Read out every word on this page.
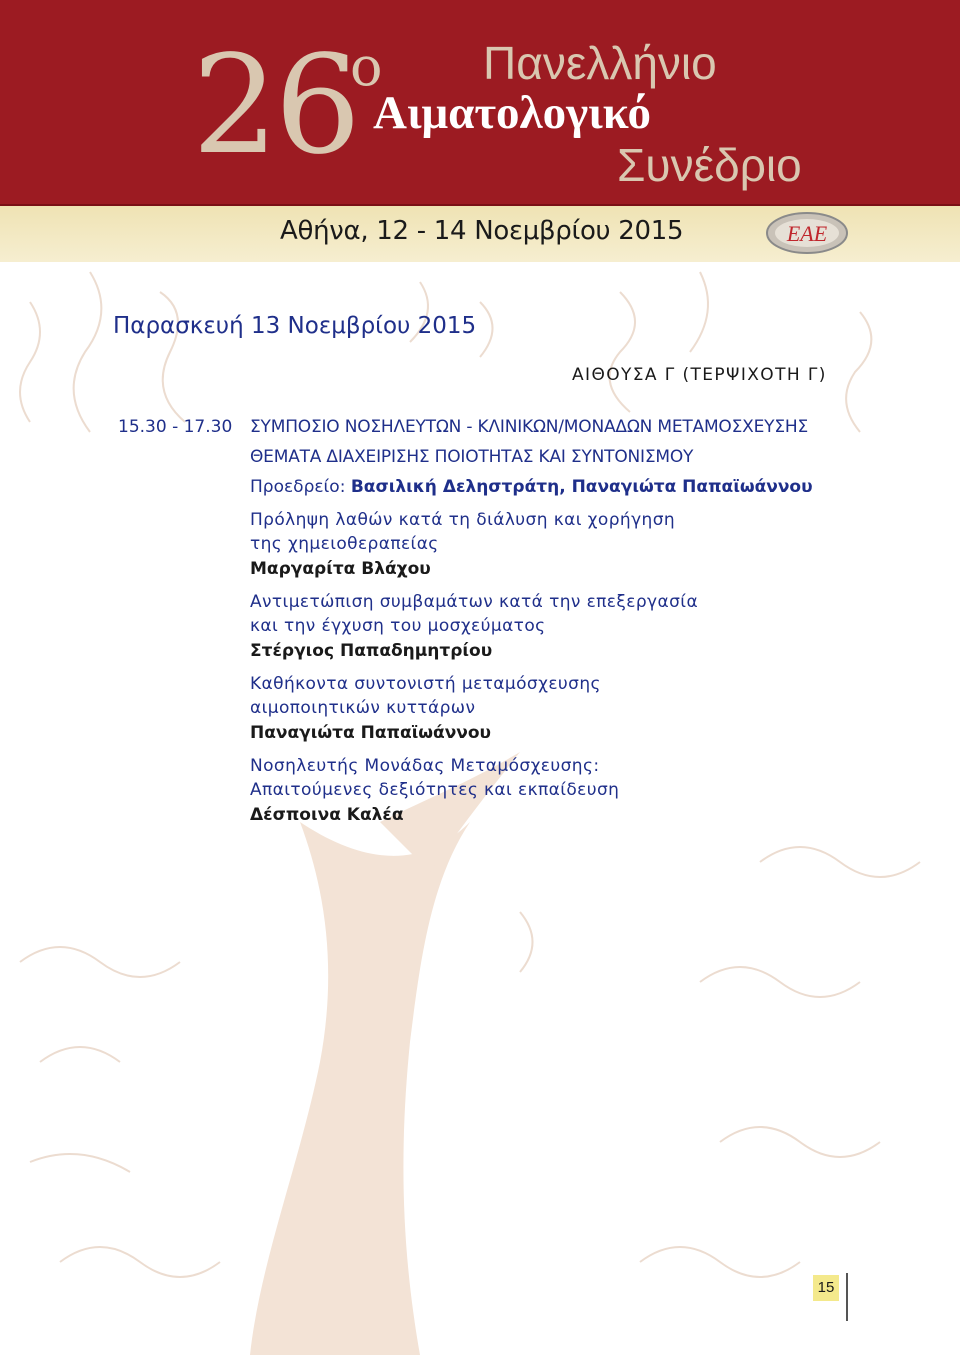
26
ο Πανελλήνιο
Αιματολογικό
Συνέδριο
Αθήνα, 12 - 14 Νοεμβρίου 2015	ΕΑΕ
Παρασκευή 13 Νοεμβρίου 2015
ΑΙΘΟΥΣΑ Γ (ΤΕΡΨΙΧΟΤΗ Γ)
15.30 - 17.30 ΣΥΜΠΟΣΙΟ ΝΟΣΗΛΕΥΤΩΝ - ΚΛΙΝΙΚΩΝ/ΜΟΝΑΔΩΝ ΜΕΤΑΜΟΣΧΕΥΣΗΣ
ΘΕΜΑΤΑ ΔΙΑΧΕΙΡΙΣΗΣ ΠΟΙΟΤΗΤΑΣ ΚΑΙ ΣΥΝΤΟΝΙΣΜΟΥ
Προεδρείο: Βασιλική Δεληστράτη, Παναγιώτα Παπαϊωάννου
Πρόληψη λαθών κατά τη διάλυση και χορήγηση
της χημειοθεραπείας
Μαργαρίτα Βλάχου
Αντιμετώπιση συμβαμάτων κατά την επεξεργασία
και την έγχυση του μοσχεύματος
Στέργιος Παπαδημητρίου
Καθήκοντα συντονιστή μεταμόσχευσης
αιμοποιητικών κυττάρων
Παναγιώτα Παπαϊωάννου
Νοσηλευτής Μονάδας Μεταμόσχευσης:
Απαιτούμενες δεξιότητες και εκπαίδευση
Δέσποινα Καλέα
15
